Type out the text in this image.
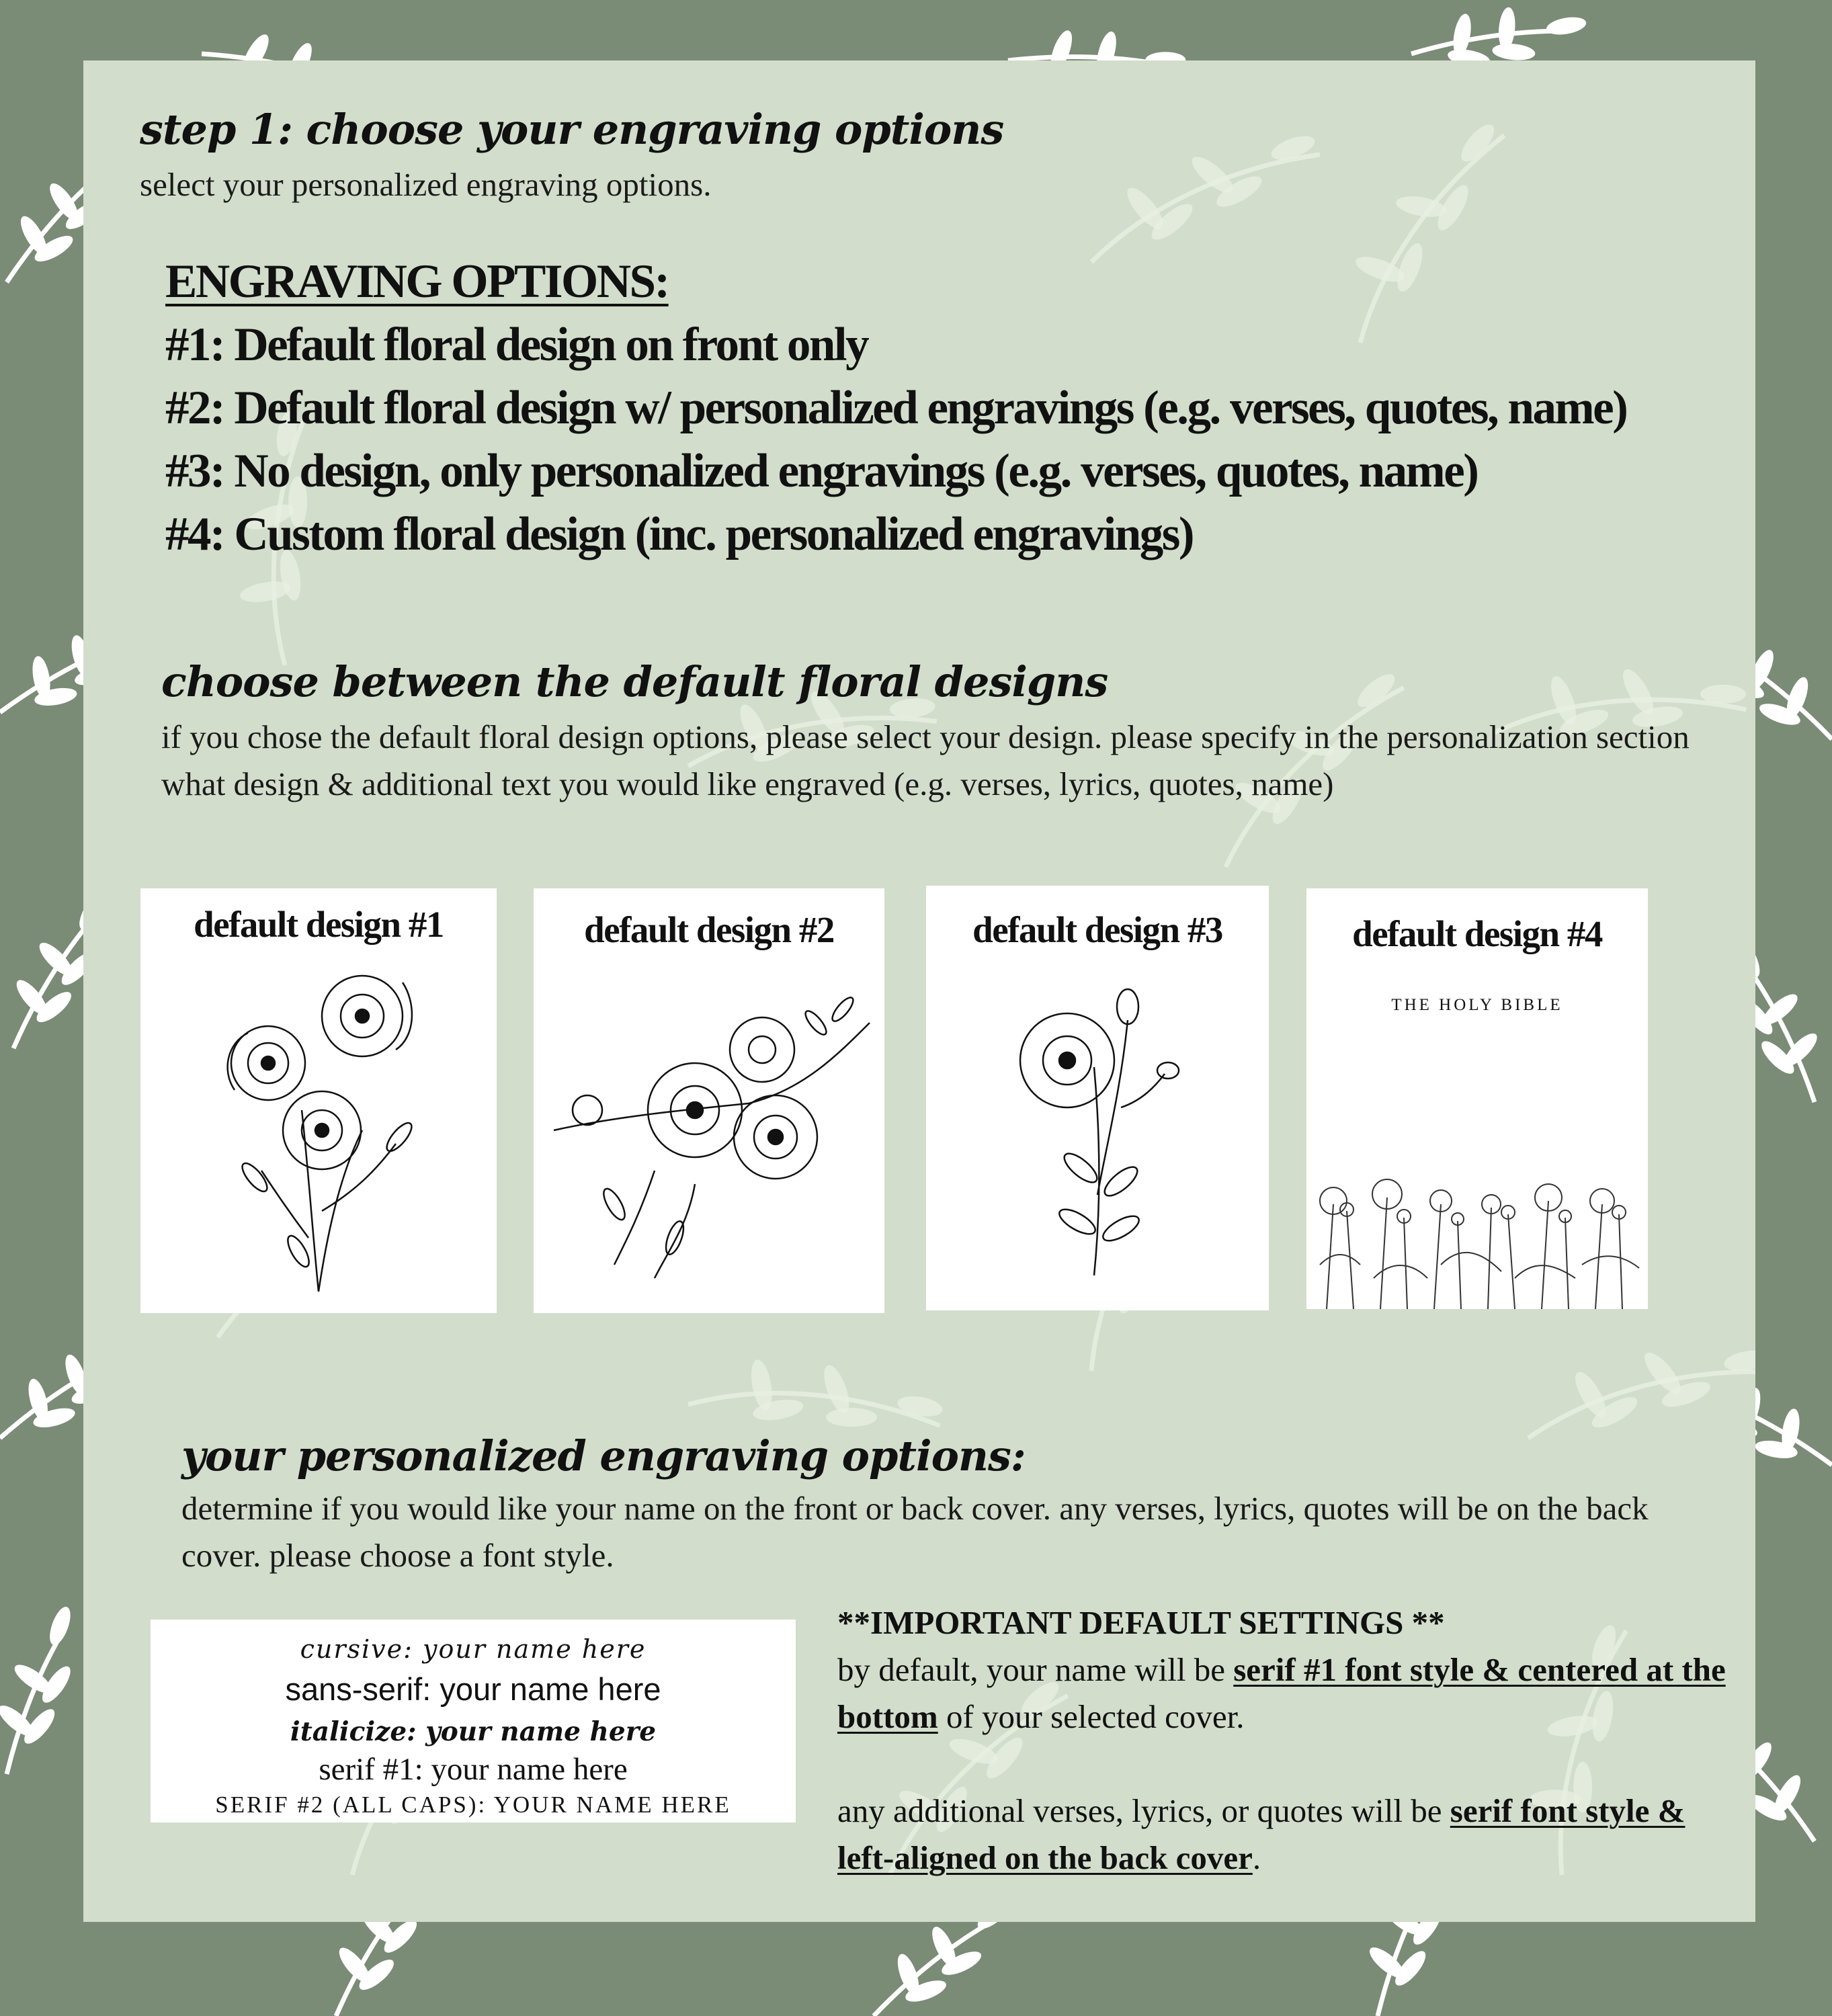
step 1: choose your engraving options

select your personalized engraving options.

ENGRAVING OPTIONS:
#1: Default floral design on front only
#2: Default floral design w/ personalized engravings (e.g. verses, quotes, name)
#3: No design, only personalized engravings (e.g. verses, quotes, name)
#4: Custom floral design (inc. personalized engravings)
choose between the default floral designs

if you chose the default floral design options, please select your design. please specify in the personalization section what design & additional text you would like engraved (e.g. verses, lyrics, quotes, name)

default design #1	default design #2	default design #3	default design #4
THE HOLY BIBLE
your personalized engraving options:

determine if you would like your name on the front or back cover. any verses, lyrics, quotes will be on the back cover. please choose a font style.

cursive: your name here
sans-serif: your name here
italicize: your name here
serif #1: your name here
SERIF #2 (ALL CAPS): YOUR NAME HERE

**IMPORTANT DEFAULT SETTINGS **

by default, your name will be serif #1 font style & centered at the bottom of your selected cover.

any additional verses, lyrics, or quotes will be serif font style & left-aligned on the back cover.
